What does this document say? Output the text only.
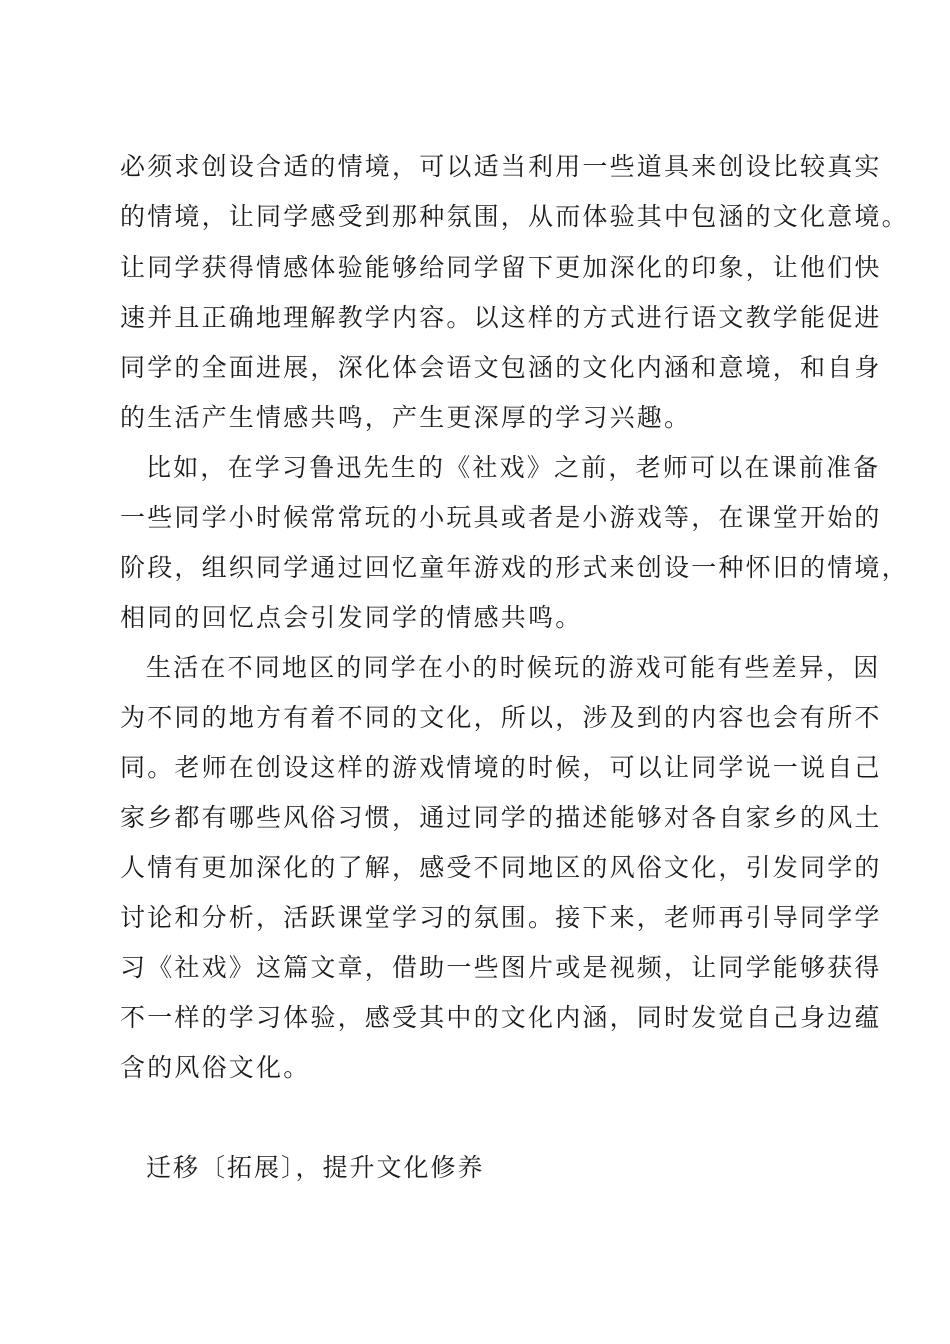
必须求创设合适的情境，可以适当利用一些道具来创设比较真实
的情境，让同学感受到那种氛围，从而体验其中包涵的文化意境。
让同学获得情感体验能够给同学留下更加深化的印象，让他们快
速并且正确地理解教学内容。以这样的方式进行语文教学能促进
同学的全面进展，深化体会语文包涵的文化内涵和意境，和自身
的生活产生情感共鸣，产生更深厚的学习兴趣。
比如，在学习鲁迅先生的《社戏》之前，老师可以在课前准备
一些同学小时候常常玩的小玩具或者是小游戏等，在课堂开始的
阶段，组织同学通过回忆童年游戏的形式来创设一种怀旧的情境，
相同的回忆点会引发同学的情感共鸣。
生活在不同地区的同学在小的时候玩的游戏可能有些差异，因
为不同的地方有着不同的文化，所以，涉及到的内容也会有所不
同。老师在创设这样的游戏情境的时候，可以让同学说一说自己
家乡都有哪些风俗习惯，通过同学的描述能够对各自家乡的风土
人情有更加深化的了解，感受不同地区的风俗文化，引发同学的
讨论和分析，活跃课堂学习的氛围。接下来，老师再引导同学学
习《社戏》这篇文章，借助一些图片或是视频，让同学能够获得
不一样的学习体验，感受其中的文化内涵，同时发觉自己身边蕴
含的风俗文化。
迁移〔拓展〕，提升文化修养
